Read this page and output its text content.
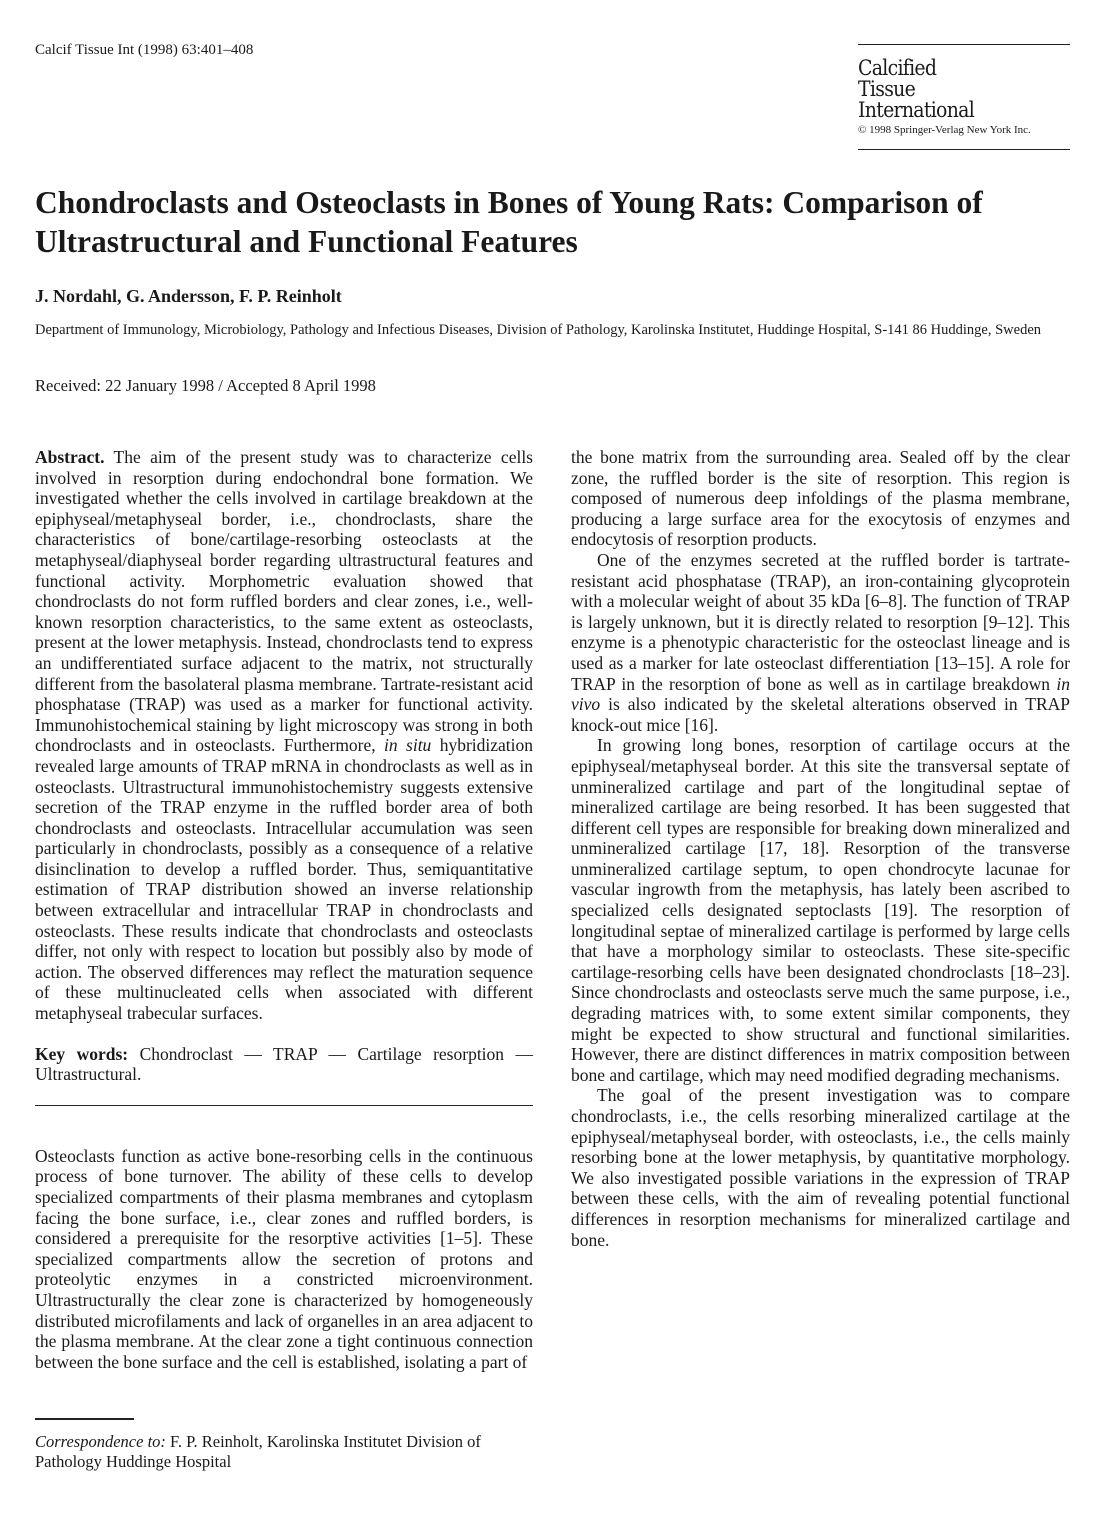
Calcif Tissue Int (1998) 63:401–408
Calcified
Tissue
International
© 1998 Springer-Verlag New York Inc.
Chondroclasts and Osteoclasts in Bones of Young Rats: Comparison of Ultrastructural and Functional Features

J. Nordahl, G. Andersson, F. P. Reinholt

Department of Immunology, Microbiology, Pathology and Infectious Diseases, Division of Pathology, Karolinska Institutet, Huddinge Hospital, S-141 86 Huddinge, Sweden

Received: 22 January 1998 / Accepted 8 April 1998

Abstract. The aim of the present study was to characterize cells involved in resorption during endochondral bone formation. We investigated whether the cells involved in cartilage breakdown at the epiphyseal/metaphyseal border, i.e., chondroclasts, share the characteristics of bone/cartilage-resorbing osteoclasts at the metaphyseal/diaphyseal border regarding ultrastructural features and functional activity. Morphometric evaluation showed that chondroclasts do not form ruffled borders and clear zones, i.e., well-known resorption characteristics, to the same extent as osteoclasts, present at the lower metaphysis. Instead, chondroclasts tend to express an undifferentiated surface adjacent to the matrix, not structurally different from the basolateral plasma membrane. Tartrate-resistant acid phosphatase (TRAP) was used as a marker for functional activity. Immunohistochemical staining by light microscopy was strong in both chondroclasts and in osteoclasts. Furthermore, in situ hybridization revealed large amounts of TRAP mRNA in chondroclasts as well as in osteoclasts. Ultrastructural immunohistochemistry suggests extensive secretion of the TRAP enzyme in the ruffled border area of both chondroclasts and osteoclasts. Intracellular accumulation was seen particularly in chondroclasts, possibly as a consequence of a relative disinclination to develop a ruffled border. Thus, semiquantitative estimation of TRAP distribution showed an inverse relationship between extracellular and intracellular TRAP in chondroclasts and osteoclasts. These results indicate that chondroclasts and osteoclasts differ, not only with respect to location but possibly also by mode of action. The observed differences may reflect the maturation sequence of these multinucleated cells when associated with different metaphyseal trabecular surfaces.

Key words: Chondroclast — TRAP — Cartilage resorption — Ultrastructural.

Osteoclasts function as active bone-resorbing cells in the continuous process of bone turnover. The ability of these cells to develop specialized compartments of their plasma membranes and cytoplasm facing the bone surface, i.e., clear zones and ruffled borders, is considered a prerequisite for the resorptive activities [1–5]. These specialized compartments allow the secretion of protons and proteolytic enzymes in a constricted microenvironment. Ultrastructurally the clear zone is characterized by homogeneously distributed microfilaments and lack of organelles in an area adjacent to the plasma membrane. At the clear zone a tight continuous connection between the bone surface and the cell is established, isolating a part of

the bone matrix from the surrounding area. Sealed off by the clear zone, the ruffled border is the site of resorption. This region is composed of numerous deep infoldings of the plasma membrane, producing a large surface area for the exocytosis of enzymes and endocytosis of resorption products.

One of the enzymes secreted at the ruffled border is tartrate-resistant acid phosphatase (TRAP), an iron-containing glycoprotein with a molecular weight of about 35 kDa [6–8]. The function of TRAP is largely unknown, but it is directly related to resorption [9–12]. This enzyme is a phenotypic characteristic for the osteoclast lineage and is used as a marker for late osteoclast differentiation [13–15]. A role for TRAP in the resorption of bone as well as in cartilage breakdown in vivo is also indicated by the skeletal alterations observed in TRAP knock-out mice [16].

In growing long bones, resorption of cartilage occurs at the epiphyseal/metaphyseal border. At this site the transversal septate of unmineralized cartilage and part of the longitudinal septae of mineralized cartilage are being resorbed. It has been suggested that different cell types are responsible for breaking down mineralized and unmineralized cartilage [17, 18]. Resorption of the transverse unmineralized cartilage septum, to open chondrocyte lacunae for vascular ingrowth from the metaphysis, has lately been ascribed to specialized cells designated septoclasts [19]. The resorption of longitudinal septae of mineralized cartilage is performed by large cells that have a morphology similar to osteoclasts. These site-specific cartilage-resorbing cells have been designated chondroclasts [18–23]. Since chondroclasts and osteoclasts serve much the same purpose, i.e., degrading matrices with, to some extent similar components, they might be expected to show structural and functional similarities. However, there are distinct differences in matrix composition between bone and cartilage, which may need modified degrading mechanisms.

The goal of the present investigation was to compare chondroclasts, i.e., the cells resorbing mineralized cartilage at the epiphyseal/metaphyseal border, with osteoclasts, i.e., the cells mainly resorbing bone at the lower metaphysis, by quantitative morphology. We also investigated possible variations in the expression of TRAP between these cells, with the aim of revealing potential functional differences in resorption mechanisms for mineralized cartilage and bone.

Correspondence to: F. P. Reinholt, Karolinska Institutet Division of Pathology Huddinge Hospital
